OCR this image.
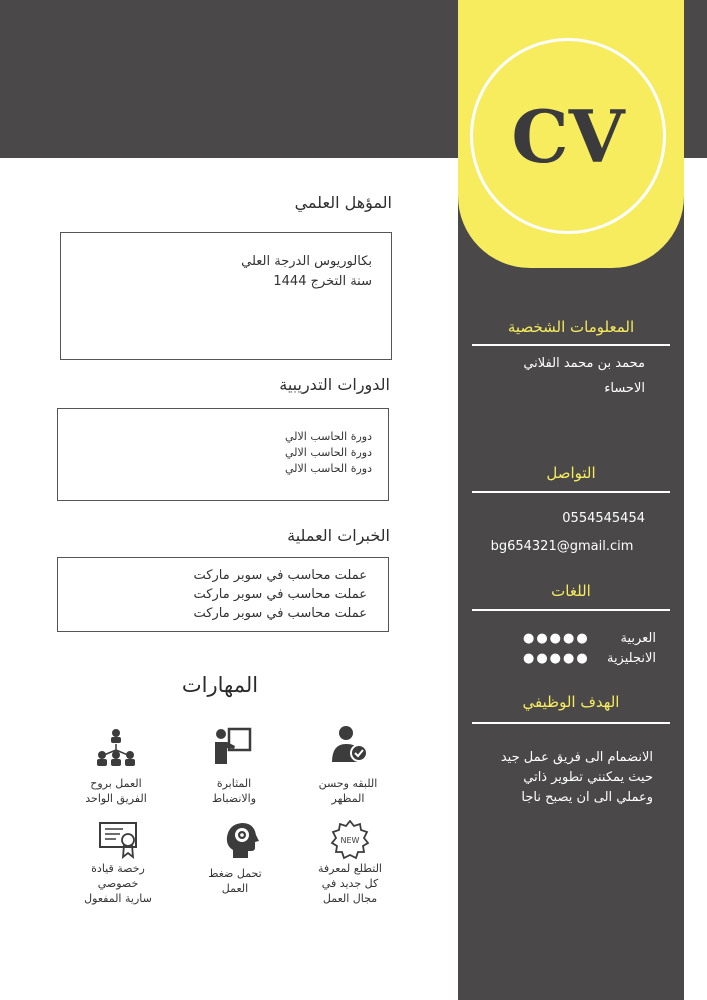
CV
المعلومات الشخصية
محمد بن محمد الفلاني
الاحساء
التواصل
0554545454
bg654321@gmail.cim
اللغات
العربية
●●●●●
الانجليزية
●●●●●
الهدف الوظيفي
الانضمام الى فريق عمل جيد
حيث يمكنني تطوير ذاتي
وعملي الى ان يصبح ناجا
المؤهل العلمي
بكالوريوس الدرجة العلي
سنة التخرج 1444
الدورات التدريبية
دورة الحاسب الالي
دورة الحاسب الالي
دورة الحاسب الالي
الخبرات العملية
عملت محاسب في سوبر ماركت
عملت محاسب في سوبر ماركت
عملت محاسب في سوبر ماركت
المهارات
اللبقه وحسن
المظهر
المثابرة
والانضباط
العمل بروح
الفريق الواحد
NEW
التطلع لمعرفة
كل جديد في
مجال العمل
تحمل ضغط
العمل
رخصة قيادة
خصوصي
سارية المفعول
